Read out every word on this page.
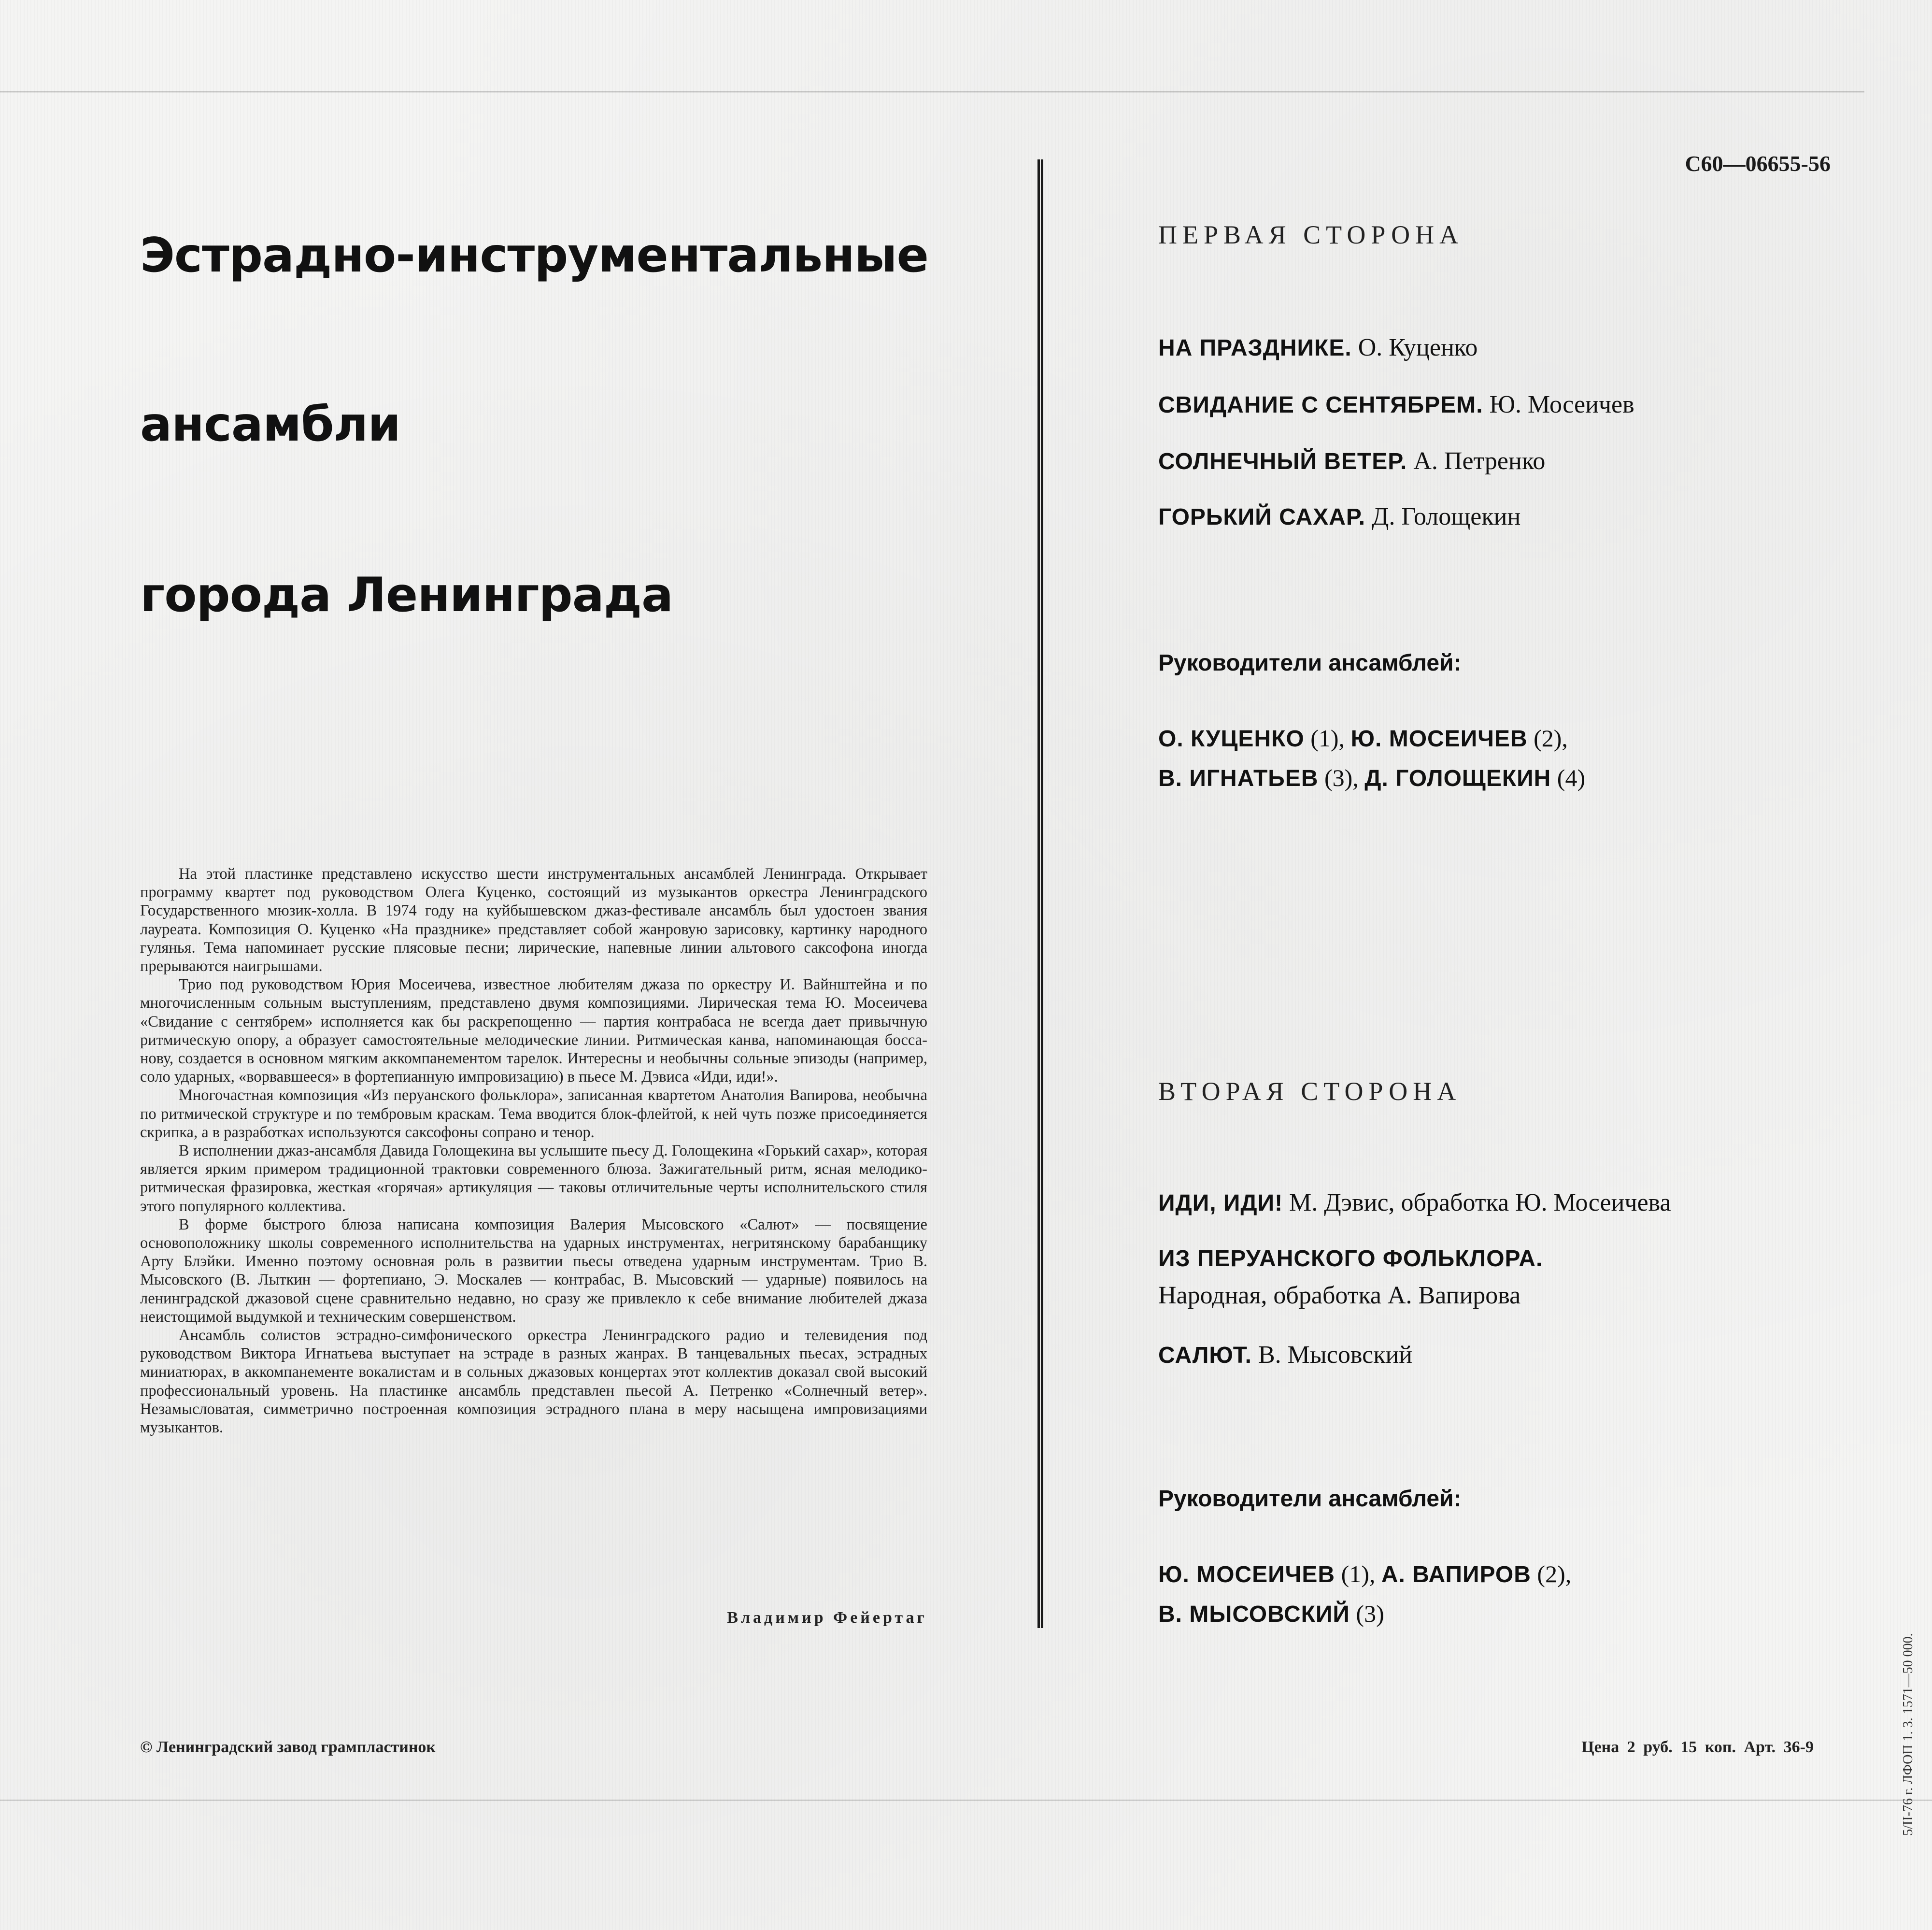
Эстрадно-инструментальные
ансамбли
города Ленинграда

На этой пластинке представлено искусство шести инструментальных ансамблей Ленинграда. Открывает программу квартет под руководством Олега Куценко, состоящий из музыкантов оркестра Ленинградского Государственного мюзик-холла. В 1974 году на куйбышевском джаз-фестивале ансамбль был удостоен звания лауреата. Композиция О. Куценко «На празднике» представляет собой жанровую зарисовку, картинку народного гулянья. Тема напоминает русские плясовые песни; лирические, напевные линии альтового саксофона иногда прерываются наигрышами.

Трио под руководством Юрия Мосеичева, известное любителям джаза по оркестру И. Вайнштейна и по многочисленным сольным выступлениям, представлено двумя композициями. Лирическая тема Ю. Мосеичева «Свидание с сентябрем» исполняется как бы раскрепощенно — партия контрабаса не всегда дает привычную ритмическую опору, а образует самостоятельные мелодические линии. Ритмическая канва, напоминающая босса-нову, создается в основном мягким аккомпанементом тарелок. Интересны и необычны сольные эпизоды (например, соло ударных, «ворвавшееся» в фортепианную импровизацию) в пьесе М. Дэвиса «Иди, иди!».

Многочастная композиция «Из перуанского фольклора», записанная квартетом Анатолия Вапирова, необычна по ритмической структуре и по тембровым краскам. Тема вводится блок-флейтой, к ней чуть позже присоединяется скрипка, а в разработках используются саксофоны сопрано и тенор.

В исполнении джаз-ансамбля Давида Голощекина вы услышите пьесу Д. Голощекина «Горький сахар», которая является ярким примером традиционной трактовки современного блюза. Зажигательный ритм, ясная мелодико-ритмическая фразировка, жесткая «горячая» артикуляция — таковы отличительные черты исполнительского стиля этого популярного коллектива.

В форме быстрого блюза написана композиция Валерия Мысовского «Салют» — посвящение основоположнику школы современного исполнительства на ударных инструментах, негритянскому барабанщику Арту Блэйки. Именно поэтому основная роль в развитии пьесы отведена ударным инструментам. Трио В. Мысовского (В. Лыткин — фортепиано, Э. Москалев — контрабас, В. Мысовский — ударные) появилось на ленинградской джазовой сцене сравнительно недавно, но сразу же привлекло к себе внимание любителей джаза неистощимой выдумкой и техническим совершенством.

Ансамбль солистов эстрадно-симфонического оркестра Ленинградского радио и телевидения под руководством Виктора Игнатьева выступает на эстраде в разных жанрах. В танцевальных пьесах, эстрадных миниатюрах, в аккомпанементе вокалистам и в сольных джазовых концертах этот коллектив доказал свой высокий профессиональный уровень. На пластинке ансамбль представлен пьесой А. Петренко «Солнечный ветер». Незамысловатая, симметрично построенная композиция эстрадного плана в меру насыщена импровизациями музыкантов.

Владимир Фейертаг
С60—06655-56
ПЕРВАЯ СТОРОНА
НА ПРАЗДНИКЕ. О. Куценко
СВИДАНИЕ С СЕНТЯБРЕМ. Ю. Мосеичев
СОЛНЕЧНЫЙ ВЕТЕР. А. Петренко
ГОРЬКИЙ САХАР. Д. Голощекин
Руководители ансамблей:
О. КУЦЕНКО (1), Ю. МОСЕИЧЕВ (2),
В. ИГНАТЬЕВ (3), Д. ГОЛОЩЕКИН (4)
ВТОРАЯ СТОРОНА
ИДИ, ИДИ! М. Дэвис, обработка Ю. Мосеичева
ИЗ ПЕРУАНСКОГО ФОЛЬКЛОРА.
Народная, обработка А. Вапирова
САЛЮТ. В. Мысовский
Руководители ансамблей:
Ю. МОСЕИЧЕВ (1), А. ВАПИРОВ (2),
В. МЫСОВСКИЙ (3)
© Ленинградский завод грампластинок	Цена 2 руб. 15 коп. Арт. 36-9	5/II-76 г. ЛФОП 1. 3. 1571—50 000.
